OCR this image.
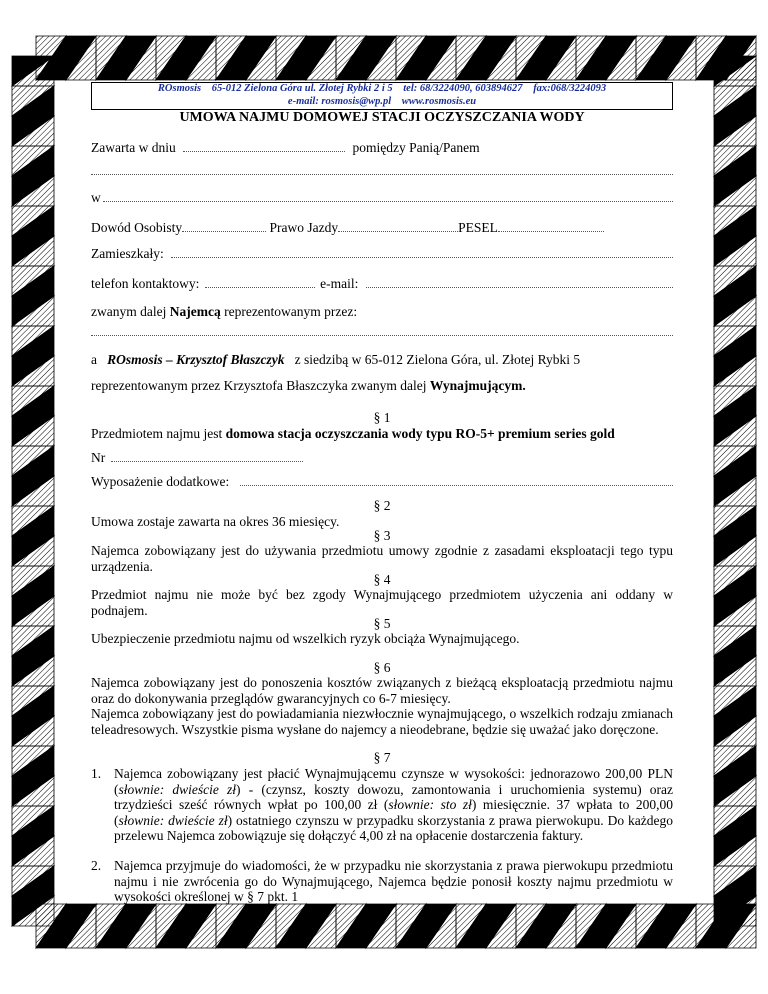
ROsmosis 65-012 Zielona Góra ul. Złotej Rybki 2 i 5 tel: 68/3224090, 603894627 fax:068/3224093
e-mail: rosmosis@wp.pl www.rosmosis.eu
UMOWA NAJMU DOMOWEJ STACJI OCZYSZCZANIA WODY
Zawarta w dniu	pomiędzy Panią/Panem
w
Dowód Osobisty	Prawo Jazdy	PESEL
Zamieszkały:
telefon kontaktowy:	e-mail:
zwanym dalej Najemcą reprezentowanym przez:
a ROsmosis – Krzysztof Błaszczyk z siedzibą w 65-012 Zielona Góra, ul. Złotej Rybki 5
reprezentowanym przez Krzysztofa Błaszczyka zwanym dalej Wynajmującym.
§ 1
Przedmiotem najmu jest domowa stacja oczyszczania wody typu RO-5+ premium series gold
Nr
Wyposażenie dodatkowe:
§ 2
Umowa zostaje zawarta na okres 36 miesięcy.
§ 3
Najemca zobowiązany jest do używania przedmiotu umowy zgodnie z zasadami eksploatacji tego typu urządzenia.
§ 4
Przedmiot najmu nie może być bez zgody Wynajmującego przedmiotem użyczenia ani oddany w podnajem.
§ 5
Ubezpieczenie przedmiotu najmu od wszelkich ryzyk obciąża Wynajmującego.
§ 6
Najemca zobowiązany jest do ponoszenia kosztów związanych z bieżącą eksploatacją przedmiotu najmu oraz do dokonywania przeglądów gwarancyjnych co 6-7 miesięcy.
Najemca zobowiązany jest do powiadamiania niezwłocznie wynajmującego, o wszelkich rodzaju zmianach teleadresowych. Wszystkie pisma wysłane do najemcy a nieodebrane, będzie się uważać jako doręczone.
§ 7
1. Najemca zobowiązany jest płacić Wynajmującemu czynsze w wysokości: jednorazowo 200,00 PLN (słownie: dwieście zł) - (czynsz, koszty dowozu, zamontowania i uruchomienia systemu) oraz trzydzieści sześć równych wpłat po 100,00 zł (słownie: sto zł) miesięcznie. 37 wpłata to 200,00 (słownie: dwieście zł) ostatniego czynszu w przypadku skorzystania z prawa pierwokupu. Do każdego przelewu Najemca zobowiązuje się dołączyć 4,00 zł na opłacenie dostarczenia faktury.
2. Najemca przyjmuje do wiadomości, że w przypadku nie skorzystania z prawa pierwokupu przedmiotu najmu i nie zwrócenia go do Wynajmującego, Najemca będzie ponosił koszty najmu przedmiotu w wysokości określonej w § 7 pkt. 1
